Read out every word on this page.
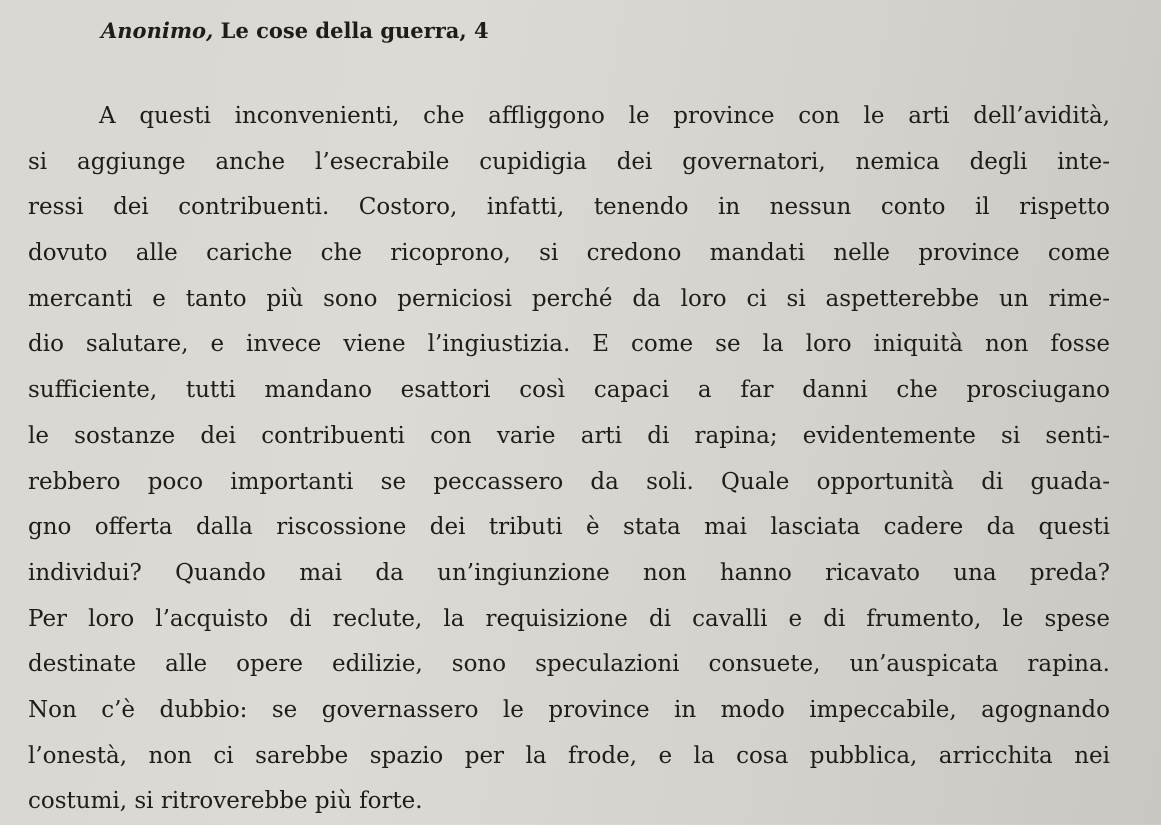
Anonimo, Le cose della guerra, 4
A questi inconvenienti, che affliggono le province con le arti dell’avidità,
si aggiunge anche l’esecrabile cupidigia dei governatori, nemica degli inte-
ressi dei contribuenti. Costoro, infatti, tenendo in nessun conto il rispetto
dovuto alle cariche che ricoprono, si credono mandati nelle province come
mercanti e tanto più sono perniciosi perché da loro ci si aspetterebbe un rime-
dio salutare, e invece viene l’ingiustizia. E come se la loro iniquità non fosse
sufficiente, tutti mandano esattori così capaci a far danni che prosciugano
le sostanze dei contribuenti con varie arti di rapina; evidentemente si senti-
rebbero poco importanti se peccassero da soli. Quale opportunità di guada-
gno offerta dalla riscossione dei tributi è stata mai lasciata cadere da questi
individui? Quando mai da un’ingiunzione non hanno ricavato una preda?
Per loro l’acquisto di reclute, la requisizione di cavalli e di frumento, le spese
destinate alle opere edilizie, sono speculazioni consuete, un’auspicata rapina.
Non c’è dubbio: se governassero le province in modo impeccabile, agognando
l’onestà, non ci sarebbe spazio per la frode, e la cosa pubblica, arricchita nei
costumi, si ritroverebbe più forte.
